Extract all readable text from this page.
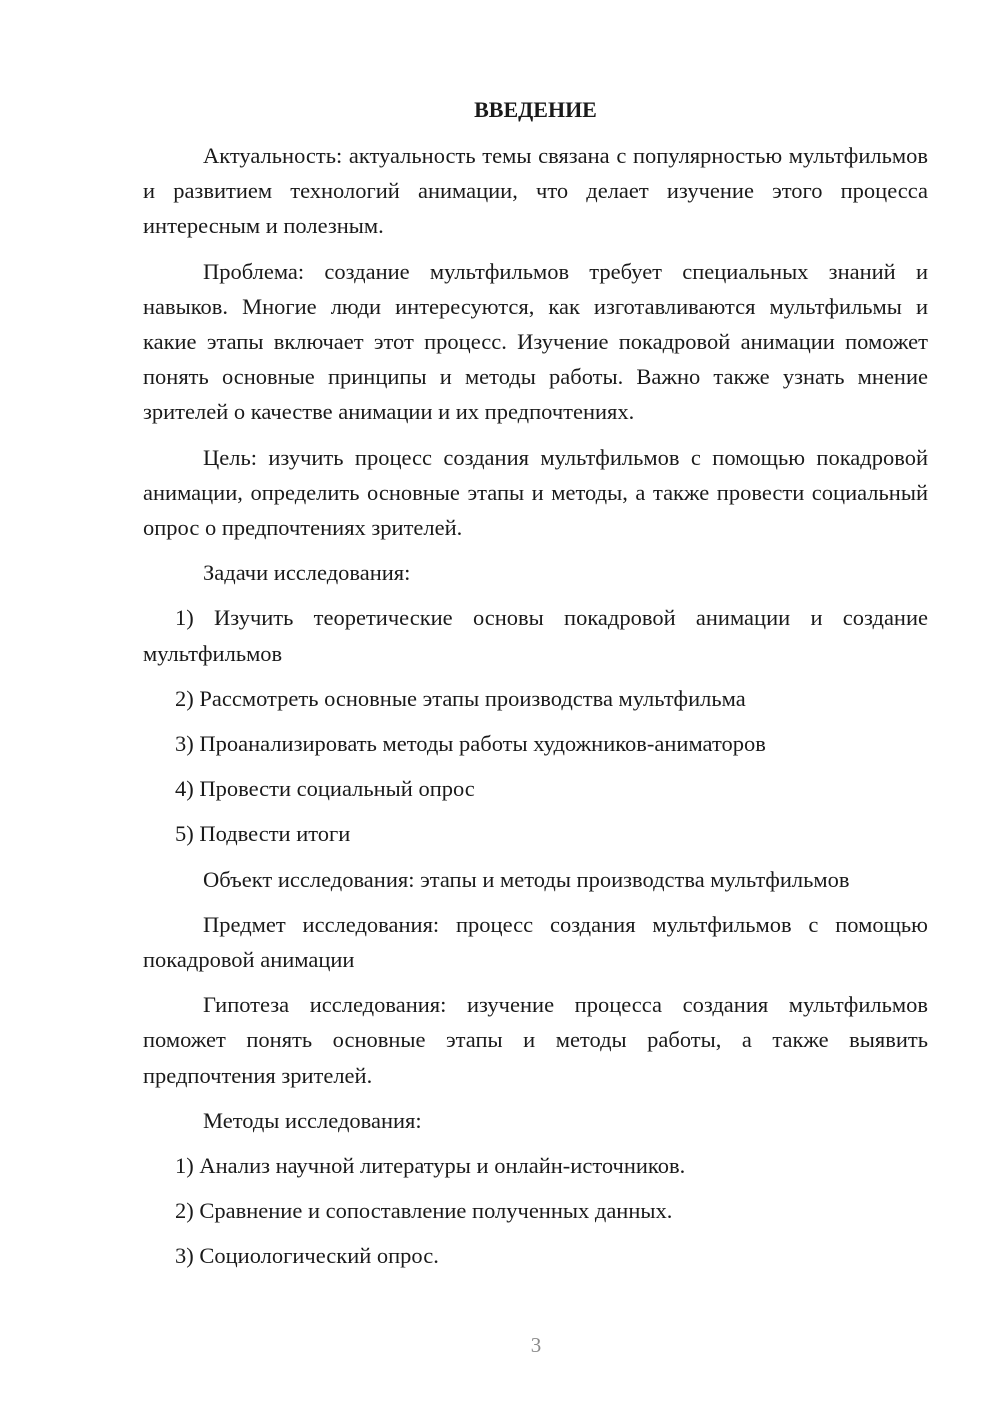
ВВЕДЕНИЕ

Актуальность: актуальность темы связана с популярностью мультфильмов и развитием технологий анимации, что делает изучение этого процесса интересным и полезным.

Проблема: создание мультфильмов требует специальных знаний и навыков. Многие люди интересуются, как изготавливаются мультфильмы и какие этапы включает этот процесс. Изучение покадровой анимации поможет понять основные принципы и методы работы. Важно также узнать мнение зрителей о качестве анимации и их предпочтениях.

Цель: изучить процесс создания мультфильмов с помощью покадровой анимации, определить основные этапы и методы, а также провести социальный опрос о предпочтениях зрителей.

Задачи исследования:

1) Изучить теоретические основы покадровой анимации и создание мультфильмов

2) Рассмотреть основные этапы производства мультфильма

3) Проанализировать методы работы художников-аниматоров

4) Провести социальный опрос

5) Подвести итоги

Объект исследования: этапы и методы производства мультфильмов

Предмет исследования: процесс создания мультфильмов с помощью покадровой анимации

Гипотеза исследования: изучение процесса создания мультфильмов поможет понять основные этапы и методы работы, а также выявить предпочтения зрителей.

Методы исследования:

1) Анализ научной литературы и онлайн-источников.

2) Сравнение и сопоставление полученных данных.

3) Социологический опрос.

3
